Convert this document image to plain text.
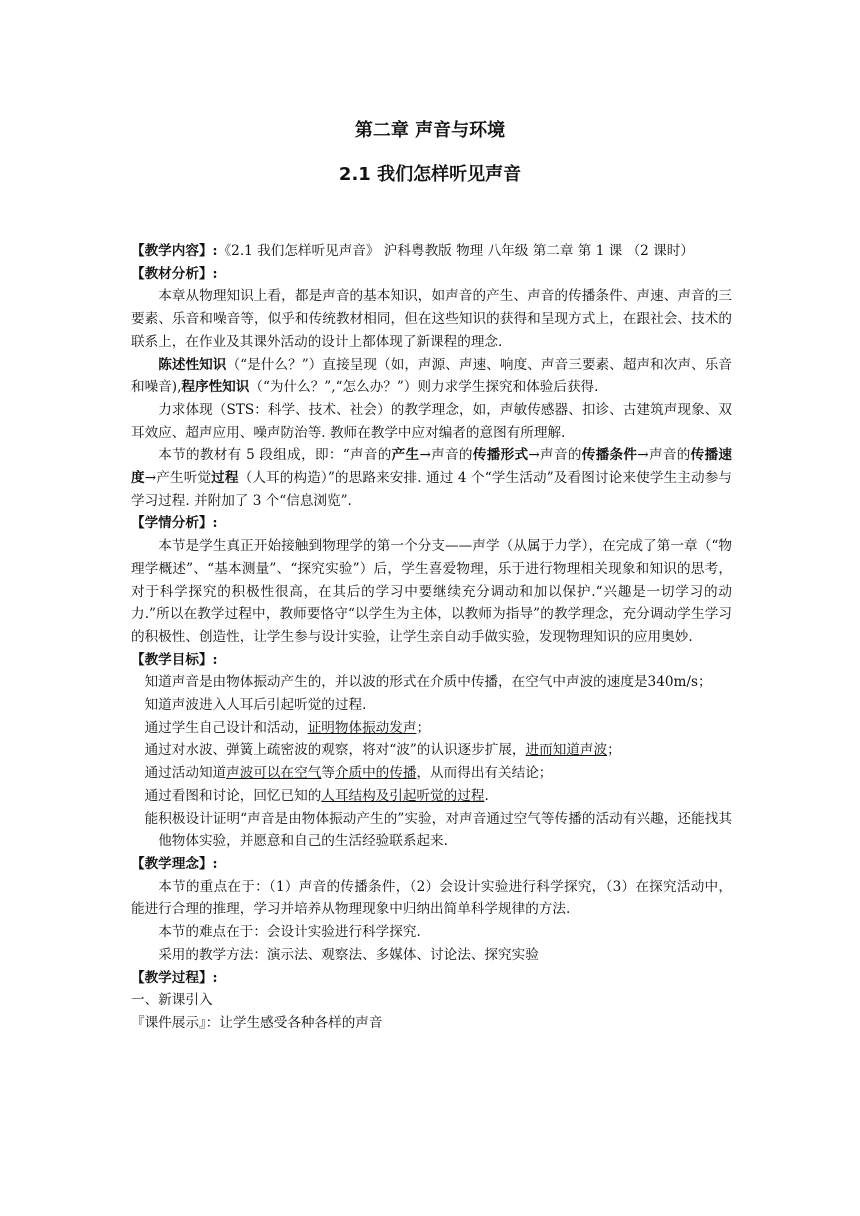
第二章 声音与环境
2.1 我们怎样听见声音

【教学内容】:《2.1 我们怎样听见声音》 沪科粤教版 物理 八年级 第二章 第 1 课 （2 课时）

【教材分析】:

本章从物理知识上看，都是声音的基本知识，如声音的产生、声音的传播条件、声速、声音的三要素、乐音和噪音等，似乎和传统教材相同，但在这些知识的获得和呈现方式上，在跟社会、技术的联系上，在作业及其课外活动的设计上都体现了新课程的理念.

陈述性知识（“是什么？”）直接呈现（如，声源、声速、响度、声音三要素、超声和次声、乐音和噪音),程序性知识（“为什么？”,“怎么办？”）则力求学生探究和体验后获得.

力求体现（STS：科学、技术、社会）的教学理念，如，声敏传感器、扣诊、古建筑声现象、双耳效应、超声应用、噪声防治等. 教师在教学中应对编者的意图有所理解.

本节的教材有 5 段组成，即：“声音的产生→声音的传播形式→声音的传播条件→声音的传播速度→产生听觉过程（人耳的构造）”的思路来安排. 通过 4 个“学生活动”及看图讨论来使学生主动参与学习过程. 并附加了 3 个“信息浏览”.

【学情分析】:

本节是学生真正开始接触到物理学的第一个分支——声学（从属于力学），在完成了第一章（“物理学概述”、“基本测量”、“探究实验”）后，学生喜爱物理，乐于进行物理相关现象和知识的思考，对于科学探究的积极性很高，在其后的学习中要继续充分调动和加以保护.“兴趣是一切学习的动力.”所以在教学过程中，教师要恪守“以学生为主体，以教师为指导”的教学理念，充分调动学生学习的积极性、创造性，让学生参与设计实验，让学生亲自动手做实验，发现物理知识的应用奥妙.

【教学目标】:

知道声音是由物体振动产生的，并以波的形式在介质中传播，在空气中声波的速度是340m/s；

知道声波进入人耳后引起听觉的过程.

通过学生自己设计和活动，证明物体振动发声；

通过对水波、弹簧上疏密波的观察，将对“波”的认识逐步扩展，进而知道声波；

通过活动知道声波可以在空气等介质中的传播，从而得出有关结论；

通过看图和讨论，回忆已知的人耳结构及引起听觉的过程.

能积极设计证明“声音是由物体振动产生的”实验，对声音通过空气等传播的活动有兴趣，还能找其他物体实验，并愿意和自己的生活经验联系起来.

【教学理念】:

本节的重点在于：（1）声音的传播条件，（2）会设计实验进行科学探究，（3）在探究活动中，能进行合理的推理，学习并培养从物理现象中归纳出简单科学规律的方法.

本节的难点在于：会设计实验进行科学探究.

采用的教学方法：演示法、观察法、多媒体、讨论法、探究实验

【教学过程】:

一、新课引入

『课件展示』：让学生感受各种各样的声音
